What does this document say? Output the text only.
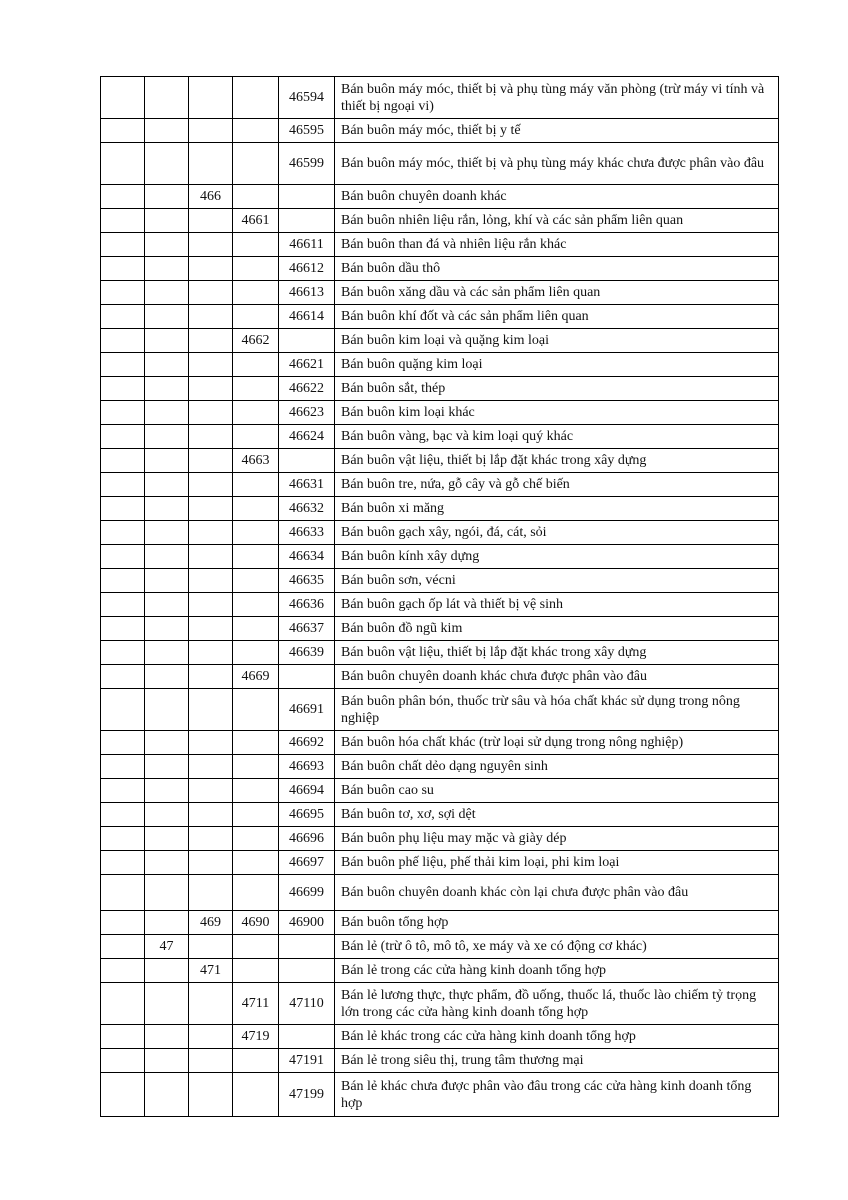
				46594	Bán buôn máy móc, thiết bị và phụ tùng máy văn phòng (trừ máy vi tính và thiết bị ngoại vi)
				46595	Bán buôn máy móc, thiết bị y tế
				46599	Bán buôn máy móc, thiết bị và phụ tùng máy khác chưa được phân vào đâu
		466			Bán buôn chuyên doanh khác
			4661		Bán buôn nhiên liệu rắn, lỏng, khí và các sản phẩm liên quan
				46611	Bán buôn than đá và nhiên liệu rắn khác
				46612	Bán buôn dầu thô
				46613	Bán buôn xăng dầu và các sản phẩm liên quan
				46614	Bán buôn khí đốt và các sản phẩm liên quan
			4662		Bán buôn kim loại và quặng kim loại
				46621	Bán buôn quặng kim loại
				46622	Bán buôn sắt, thép
				46623	Bán buôn kim loại khác
				46624	Bán buôn vàng, bạc và kim loại quý khác
			4663		Bán buôn vật liệu, thiết bị lắp đặt khác trong xây dựng
				46631	Bán buôn tre, nứa, gỗ cây và gỗ chế biến
				46632	Bán buôn xi măng
				46633	Bán buôn gạch xây, ngói, đá, cát, sỏi
				46634	Bán buôn kính xây dựng
				46635	Bán buôn sơn, vécni
				46636	Bán buôn gạch ốp lát và thiết bị vệ sinh
				46637	Bán buôn đồ ngũ kim
				46639	Bán buôn vật liệu, thiết bị lắp đặt khác trong xây dựng
			4669		Bán buôn chuyên doanh khác chưa được phân vào đâu
				46691	Bán buôn phân bón, thuốc trừ sâu và hóa chất khác sử dụng trong nông nghiệp
				46692	Bán buôn hóa chất khác (trừ loại sử dụng trong nông nghiệp)
				46693	Bán buôn chất dẻo dạng nguyên sinh
				46694	Bán buôn cao su
				46695	Bán buôn tơ, xơ, sợi dệt
				46696	Bán buôn phụ liệu may mặc và giày dép
				46697	Bán buôn phế liệu, phế thải kim loại, phi kim loại
				46699	Bán buôn chuyên doanh khác còn lại chưa được phân vào đâu
		469	4690	46900	Bán buôn tổng hợp
	47				Bán lẻ (trừ ô tô, mô tô, xe máy và xe có động cơ khác)
		471			Bán lẻ trong các cửa hàng kinh doanh tổng hợp
			4711	47110	Bán lẻ lương thực, thực phẩm, đồ uống, thuốc lá, thuốc lào chiếm tỷ trọng lớn trong các cửa hàng kinh doanh tổng hợp
			4719		Bán lẻ khác trong các cửa hàng kinh doanh tổng hợp
				47191	Bán lẻ trong siêu thị, trung tâm thương mại
				47199	Bán lẻ khác chưa được phân vào đâu trong các cửa hàng kinh doanh tổng hợp
